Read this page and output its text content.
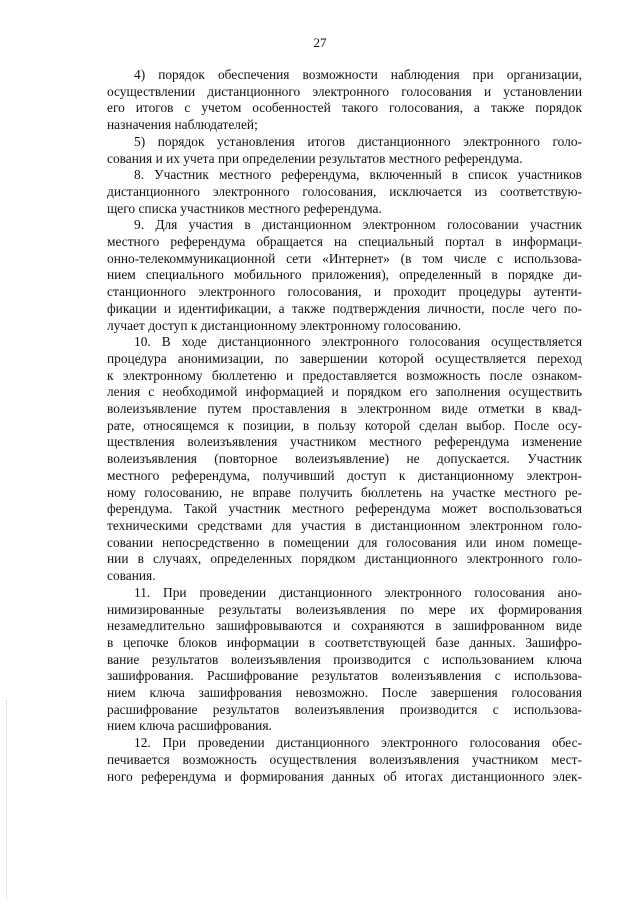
27

4) порядок обеспечения возможности наблюдения при организации,
осуществлении дистанционного электронного голосования и установлении
его итогов с учетом особенностей такого голосования, а также порядок
назначения наблюдателей;

5) порядок установления итогов дистанционного электронного голо-
сования и их учета при определении результатов местного референдума.

8. Участник местного референдума, включенный в список участников
дистанционного электронного голосования, исключается из соответствую-
щего списка участников местного референдума.

9. Для участия в дистанционном электронном голосовании участник
местного референдума обращается на специальный портал в информаци-
онно-телекоммуникационной сети «Интернет» (в том числе с использова-
нием специального мобильного приложения), определенный в порядке ди-
станционного электронного голосования, и проходит процедуры аутенти-
фикации и идентификации, а также подтверждения личности, после чего по-
лучает доступ к дистанционному электронному голосованию.

10. В ходе дистанционного электронного голосования осуществляется
процедура анонимизации, по завершении которой осуществляется переход
к электронному бюллетеню и предоставляется возможность после ознаком-
ления с необходимой информацией и порядком его заполнения осуществить
волеизъявление путем проставления в электронном виде отметки в квад-
рате, относящемся к позиции, в пользу которой сделан выбор. После осу-
ществления волеизъявления участником местного референдума изменение
волеизъявления (повторное волеизъявление) не допускается. Участник
местного референдума, получивший доступ к дистанционному электрон-
ному голосованию, не вправе получить бюллетень на участке местного ре-
ферендума. Такой участник местного референдума может воспользоваться
техническими средствами для участия в дистанционном электронном голо-
совании непосредственно в помещении для голосования или ином помеще-
нии в случаях, определенных порядком дистанционного электронного голо-
сования.

11. При проведении дистанционного электронного голосования ано-
нимизированные результаты волеизъявления по мере их формирования
незамедлительно зашифровываются и сохраняются в зашифрованном виде
в цепочке блоков информации в соответствующей базе данных. Зашифро-
вание результатов волеизъявления производится с использованием ключа
зашифрования. Расшифрование результатов волеизъявления с использова-
нием ключа зашифрования невозможно. После завершения голосования
расшифрование результатов волеизъявления производится с использова-
нием ключа расшифрования.

12. При проведении дистанционного электронного голосования обес-
печивается возможность осуществления волеизъявления участником мест-
ного референдума и формирования данных об итогах дистанционного элек-
